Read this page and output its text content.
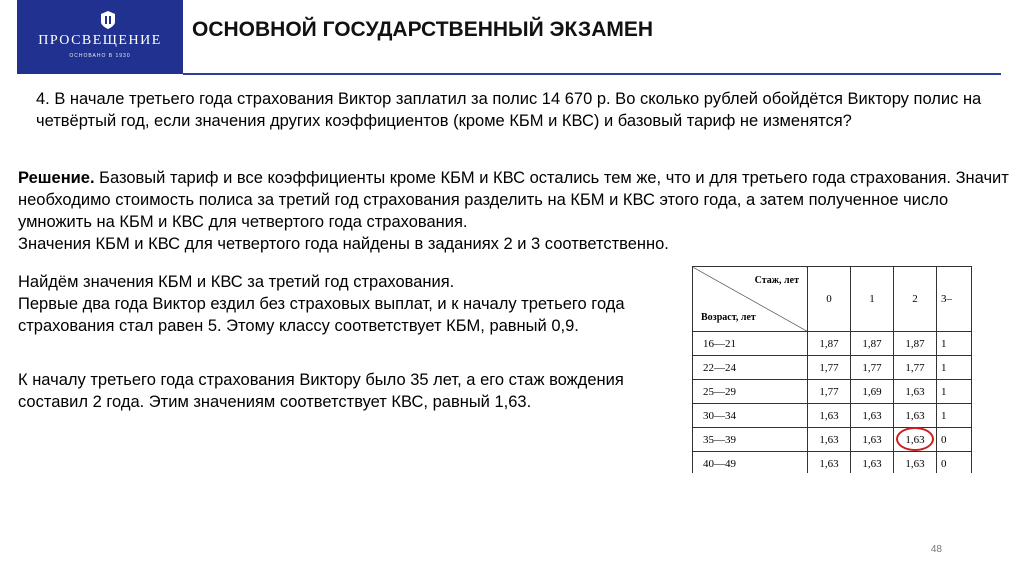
ПРОСВЕЩЕНИЕ
ОСНОВАНО В 1930
ОСНОВНОЙ ГОСУДАРСТВЕННЫЙ ЭКЗАМЕН
4. В начале третьего года страхования Виктор заплатил за полис 14 670 р. Во сколько рублей обойдётся Виктору полис на четвёртый год, если значения других коэффициентов (кроме КБМ и КВС) и базовый тариф не изменятся?
Решение. Базовый тариф и все коэффициенты кроме КБМ и КВС остались тем же, что и для третьего года страхования. Значит необходимо стоимость полиса за третий год страхования разделить на КБМ и КВС этого года, а затем полученное число умножить на КБМ и КВС для четвертого года страхования.
Значения КБМ и КВС для четвертого года найдены в заданиях 2 и 3 соответственно.

Найдём значения КБМ и КВС за третий год страхования.

Первые два года Виктор ездил без страховых выплат, и к началу третьего года страхования стал равен 5. Этому классу соответствует КБМ, равный 0,9.

К началу третьего года страхования Виктору было 35 лет, а его стаж вождения составил 2 года. Этим значениям соответствует КВС, равный 1,63.
Стаж, лет
Возраст, лет	0	1	2	3–
16—21	1,87	1,87	1,87	1
22—24	1,77	1,77	1,77	1
25—29	1,77	1,69	1,63	1
30—34	1,63	1,63	1,63	1
35—39	1,63	1,63	1,63	0
40—49	1,63	1,63	1,63	0
48
